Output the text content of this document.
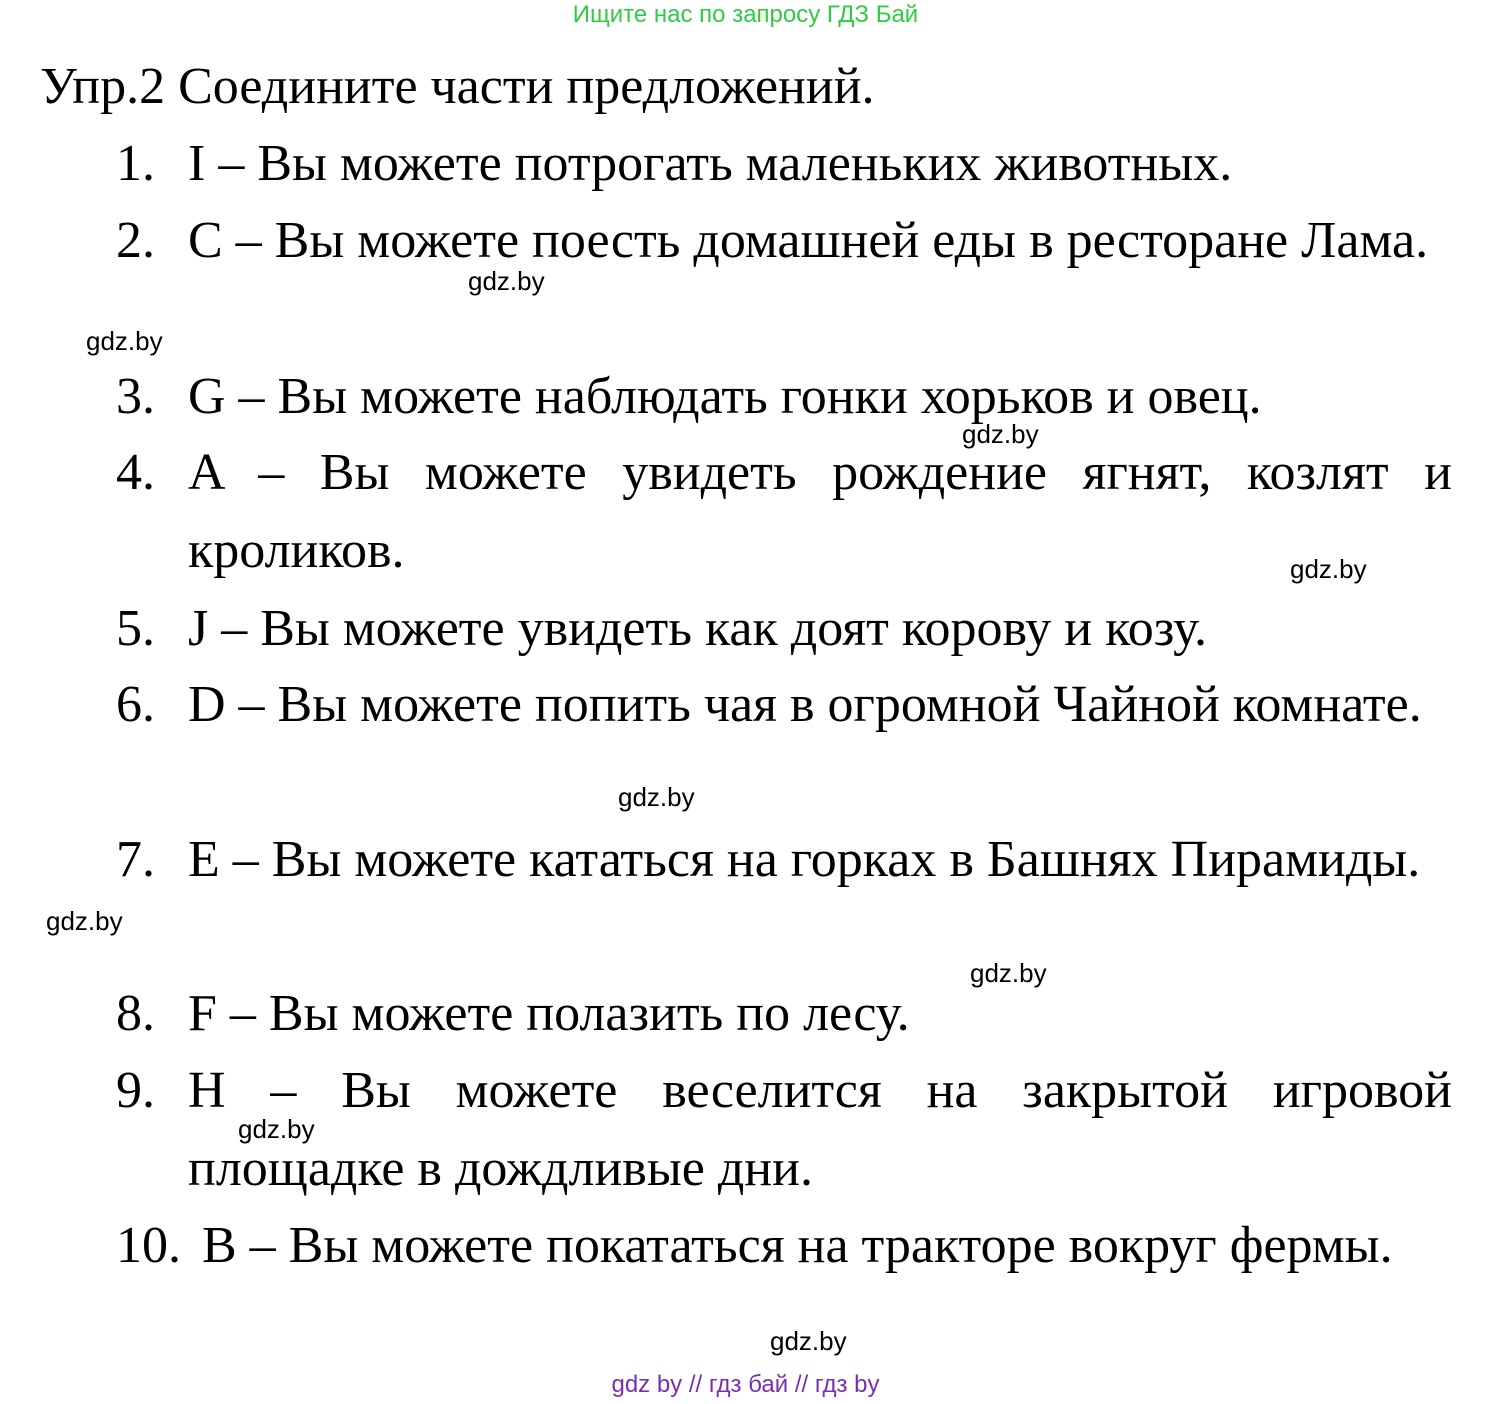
Ищите нас по запросу ГДЗ Бай
Упр.2 Соедините части предложений.
1. I – Вы можете потрогать маленьких животных.
2. C – Вы можете поесть домашней еды в ресторане Лама.
3. G – Вы можете наблюдать гонки хорьков и овец.
4. A – Вы можете увидеть рождение ягнят, козлят и кроликов.
5. J – Вы можете увидеть как доят корову и козу.
6. D – Вы можете попить чая в огромной Чайной комнате.
7. E – Вы можете кататься на горках в Башнях Пирамиды.
8. F – Вы можете полазить по лесу.
9. H – Вы можете веселится на закрытой игровой площадке в дождливые дни.
10. B – Вы можете покататься на тракторе вокруг фермы.
gdz.by
gdz.by
gdz.by
gdz.by
gdz.by
gdz.by
gdz.by
gdz.by
gdz.by
gdz by // гдз бай // гдз by
